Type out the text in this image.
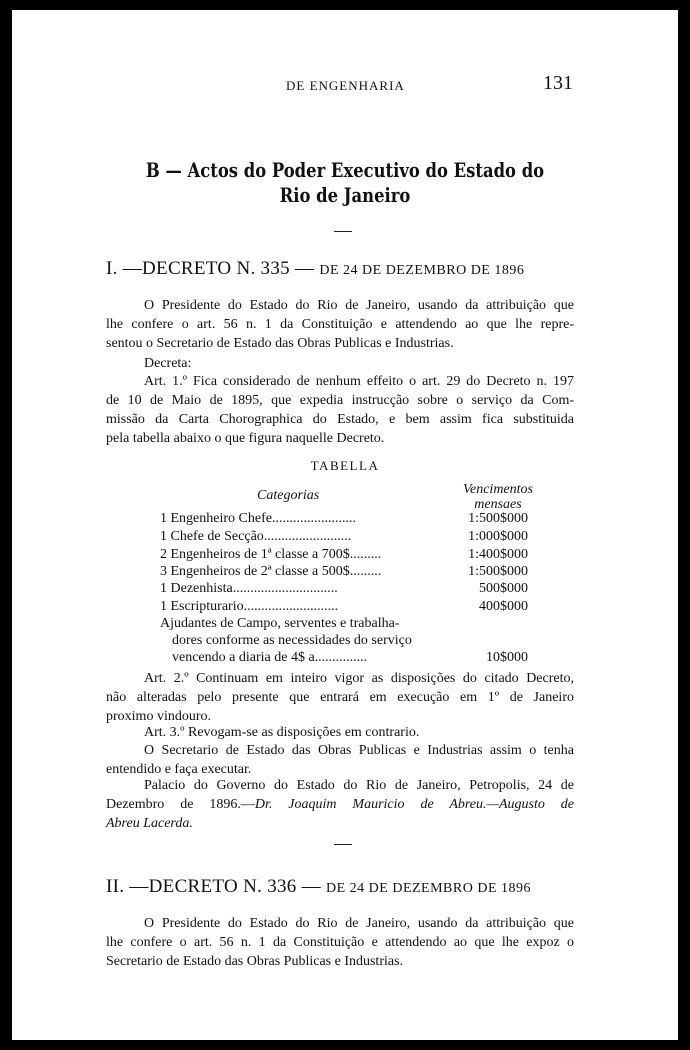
DE ENGENHARIA	131
B — Actos do Poder Executivo do Estado do
Rio de Janeiro
I. —DECRETO N. 335 — DE 24 DE DEZEMBRO DE 1896
O Presidente do Estado do Rio de Janeiro, usando da attribuição que
lhe confere o art. 56 n. 1 da Constituição e attendendo ao que lhe repre-
sentou o Secretario de Estado das Obras Publicas e Industrias.
Decreta:
Art. 1.º Fica considerado de nenhum effeito o art. 29 do Decreto n. 197
de 10 de Maio de 1895, que expedia instrucção sobre o serviço da Com-
missão da Carta Chorographica do Estado, e bem assim fica substituida
pela tabella abaixo o que figura naquelle Decreto.
TABELLA
Categorias	Vencimentos mensaes
1 Engenheiro Chefe........................	1:500$000
1 Chefe de Secção.........................	1:000$000
2 Engenheiros de 1ª classe a 700$.........	1:400$000
3 Engenheiros de 2ª classe a 500$.........	1:500$000
1 Dezenhista..............................	500$000
1 Escripturario...........................	400$000
Ajudantes de Campo, serventes e trabalha-
dores conforme as necessidades do serviço
vencendo a diaria de 4$ a...............	10$000
Art. 2.º Continuam em inteiro vigor as disposições do citado Decreto,
não alteradas pelo presente que entrará em execução em 1º de Janeiro
proximo vindouro.
Art. 3.º Revogam-se as disposições em contrario.
O Secretario de Estado das Obras Publicas e Industrias assim o tenha
entendido e faça executar.
Palacio do Governo do Estado do Rio de Janeiro, Petropolis, 24 de
Dezembro de 1896.—Dr. Joaquim Mauricio de Abreu.—Augusto de
Abreu Lacerda.
II. —DECRETO N. 336 — DE 24 DE DEZEMBRO DE 1896
O Presidente do Estado do Rio de Janeiro, usando da attribuição que
lhe confere o art. 56 n. 1 da Constituição e attendendo ao que lhe expoz o
Secretario de Estado das Obras Publicas e Industrias.
